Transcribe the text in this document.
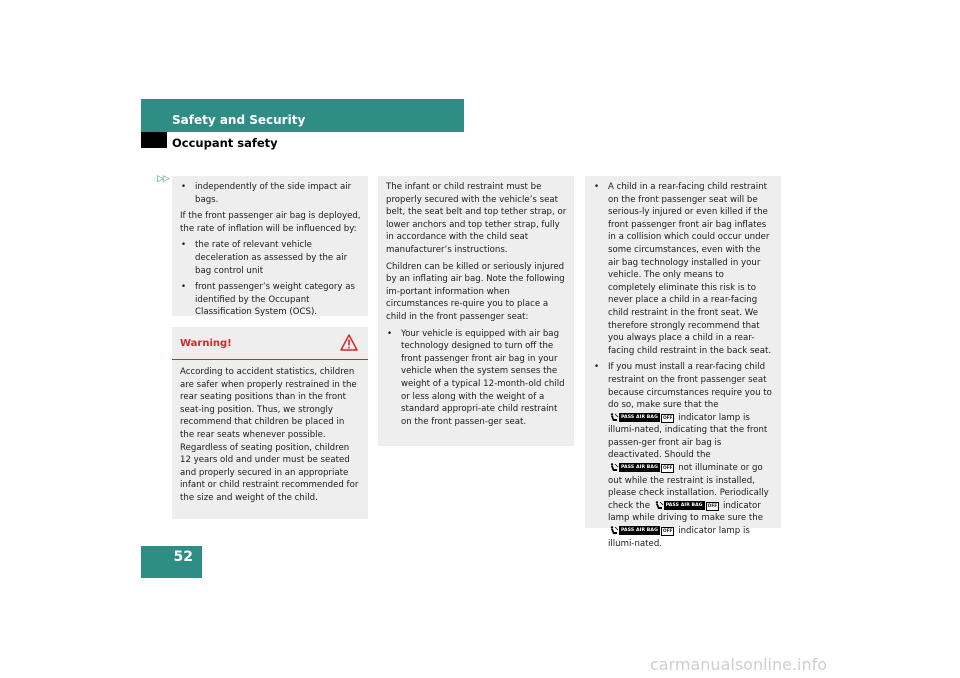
Safety and Security
Occupant safety
▷▷
•	independently of the side impact air bags.

If the front passenger air bag is deployed, the rate of inflation will be influenced by:

•	the rate of relevant vehicle deceleration as assessed by the air bag control unit
•	front passenger’s weight category as identified by the Occupant Classification System (OCS).
Warning!
According to accident statistics, children are safer when properly restrained in the rear seating positions than in the front seat-ing position. Thus, we strongly recommend that children be placed in the rear seats whenever possible. Regardless of seating position, children 12 years old and under must be seated and properly secured in an appropriate infant or child restraint recommended for the size and weight of the child.

The infant or child restraint must be properly secured with the vehicle’s seat belt, the seat belt and top tether strap, or lower anchors and top tether strap, fully in accordance with the child seat manufacturer’s instructions.

Children can be killed or seriously injured by an inflating air bag. Note the following im-portant information when circumstances re-quire you to place a child in the front passenger seat:

•	Your vehicle is equipped with air bag technology designed to turn off the front passenger front air bag in your vehicle when the system senses the weight of a typical 12-month-old child or less along with the weight of a standard appropri-ate child restraint on the front passen-ger seat.
•	A child in a rear-facing child restraint on the front passenger seat will be serious-ly injured or even killed if the front passenger front air bag inflates in a collision which could occur under some circumstances, even with the air bag technology installed in your vehicle. The only means to completely eliminate this risk is to never place a child in a rear-facing child restraint in the front seat. We therefore strongly recommend that you always place a child in a rear-facing child restraint in the back seat.
•	If you must install a rear-facing child restraint on the front passenger seat because circumstances require you to do so, make sure that the
PASS AIR BAG OFF indicator lamp is illumi-nated, indicating that the front passen-ger front air bag is deactivated. Should the PASS AIR BAG OFF not illuminate or go out while the restraint is installed, please check installation. Periodically check the	PASS AIR BAG OFF indicator lamp while driving to make sure the
PASS AIR BAG OFF indicator lamp is illumi-nated.
52
carmanualsonline.info
